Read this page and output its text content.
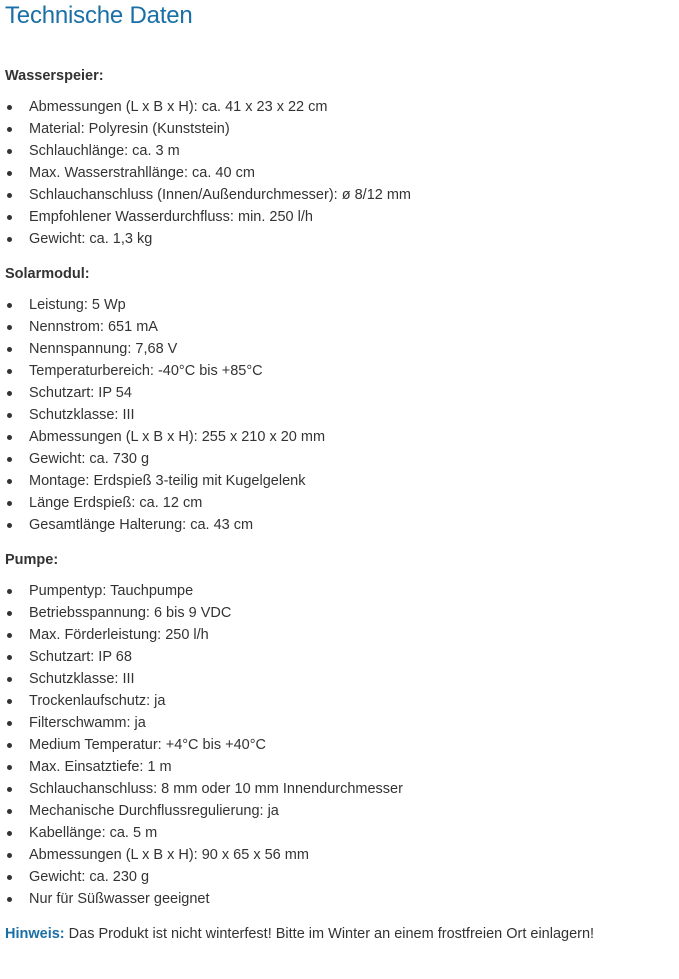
Technische Daten
Wasserspeier:
Abmessungen (L x B x H): ca. 41 x 23 x 22 cm
Material: Polyresin (Kunststein)
Schlauchlänge: ca. 3 m
Max. Wasserstrahllänge: ca. 40 cm
Schlauchanschluss (Innen/Außendurchmesser): ø 8/12 mm
Empfohlener Wasserdurchfluss: min. 250 l/h
Gewicht: ca. 1,3 kg
Solarmodul:
Leistung: 5 Wp
Nennstrom: 651 mA
Nennspannung: 7,68 V
Temperaturbereich: -40°C bis +85°C
Schutzart: IP 54
Schutzklasse: III
Abmessungen (L x B x H): 255 x 210 x 20 mm
Gewicht: ca. 730 g
Montage: Erdspieß 3-teilig mit Kugelgelenk
Länge Erdspieß: ca. 12 cm
Gesamtlänge Halterung: ca. 43 cm
Pumpe:
Pumpentyp: Tauchpumpe
Betriebsspannung: 6 bis 9 VDC
Max. Förderleistung: 250 l/h
Schutzart: IP 68
Schutzklasse: III
Trockenlaufschutz: ja
Filterschwamm: ja
Medium Temperatur: +4°C bis +40°C
Max. Einsatztiefe: 1 m
Schlauchanschluss: 8 mm oder 10 mm Innendurchmesser
Mechanische Durchflussregulierung: ja
Kabellänge: ca. 5 m
Abmessungen (L x B x H): 90 x 65 x 56 mm
Gewicht: ca. 230 g
Nur für Süßwasser geeignet

Hinweis: Das Produkt ist nicht winterfest! Bitte im Winter an einem frostfreien Ort einlagern!
